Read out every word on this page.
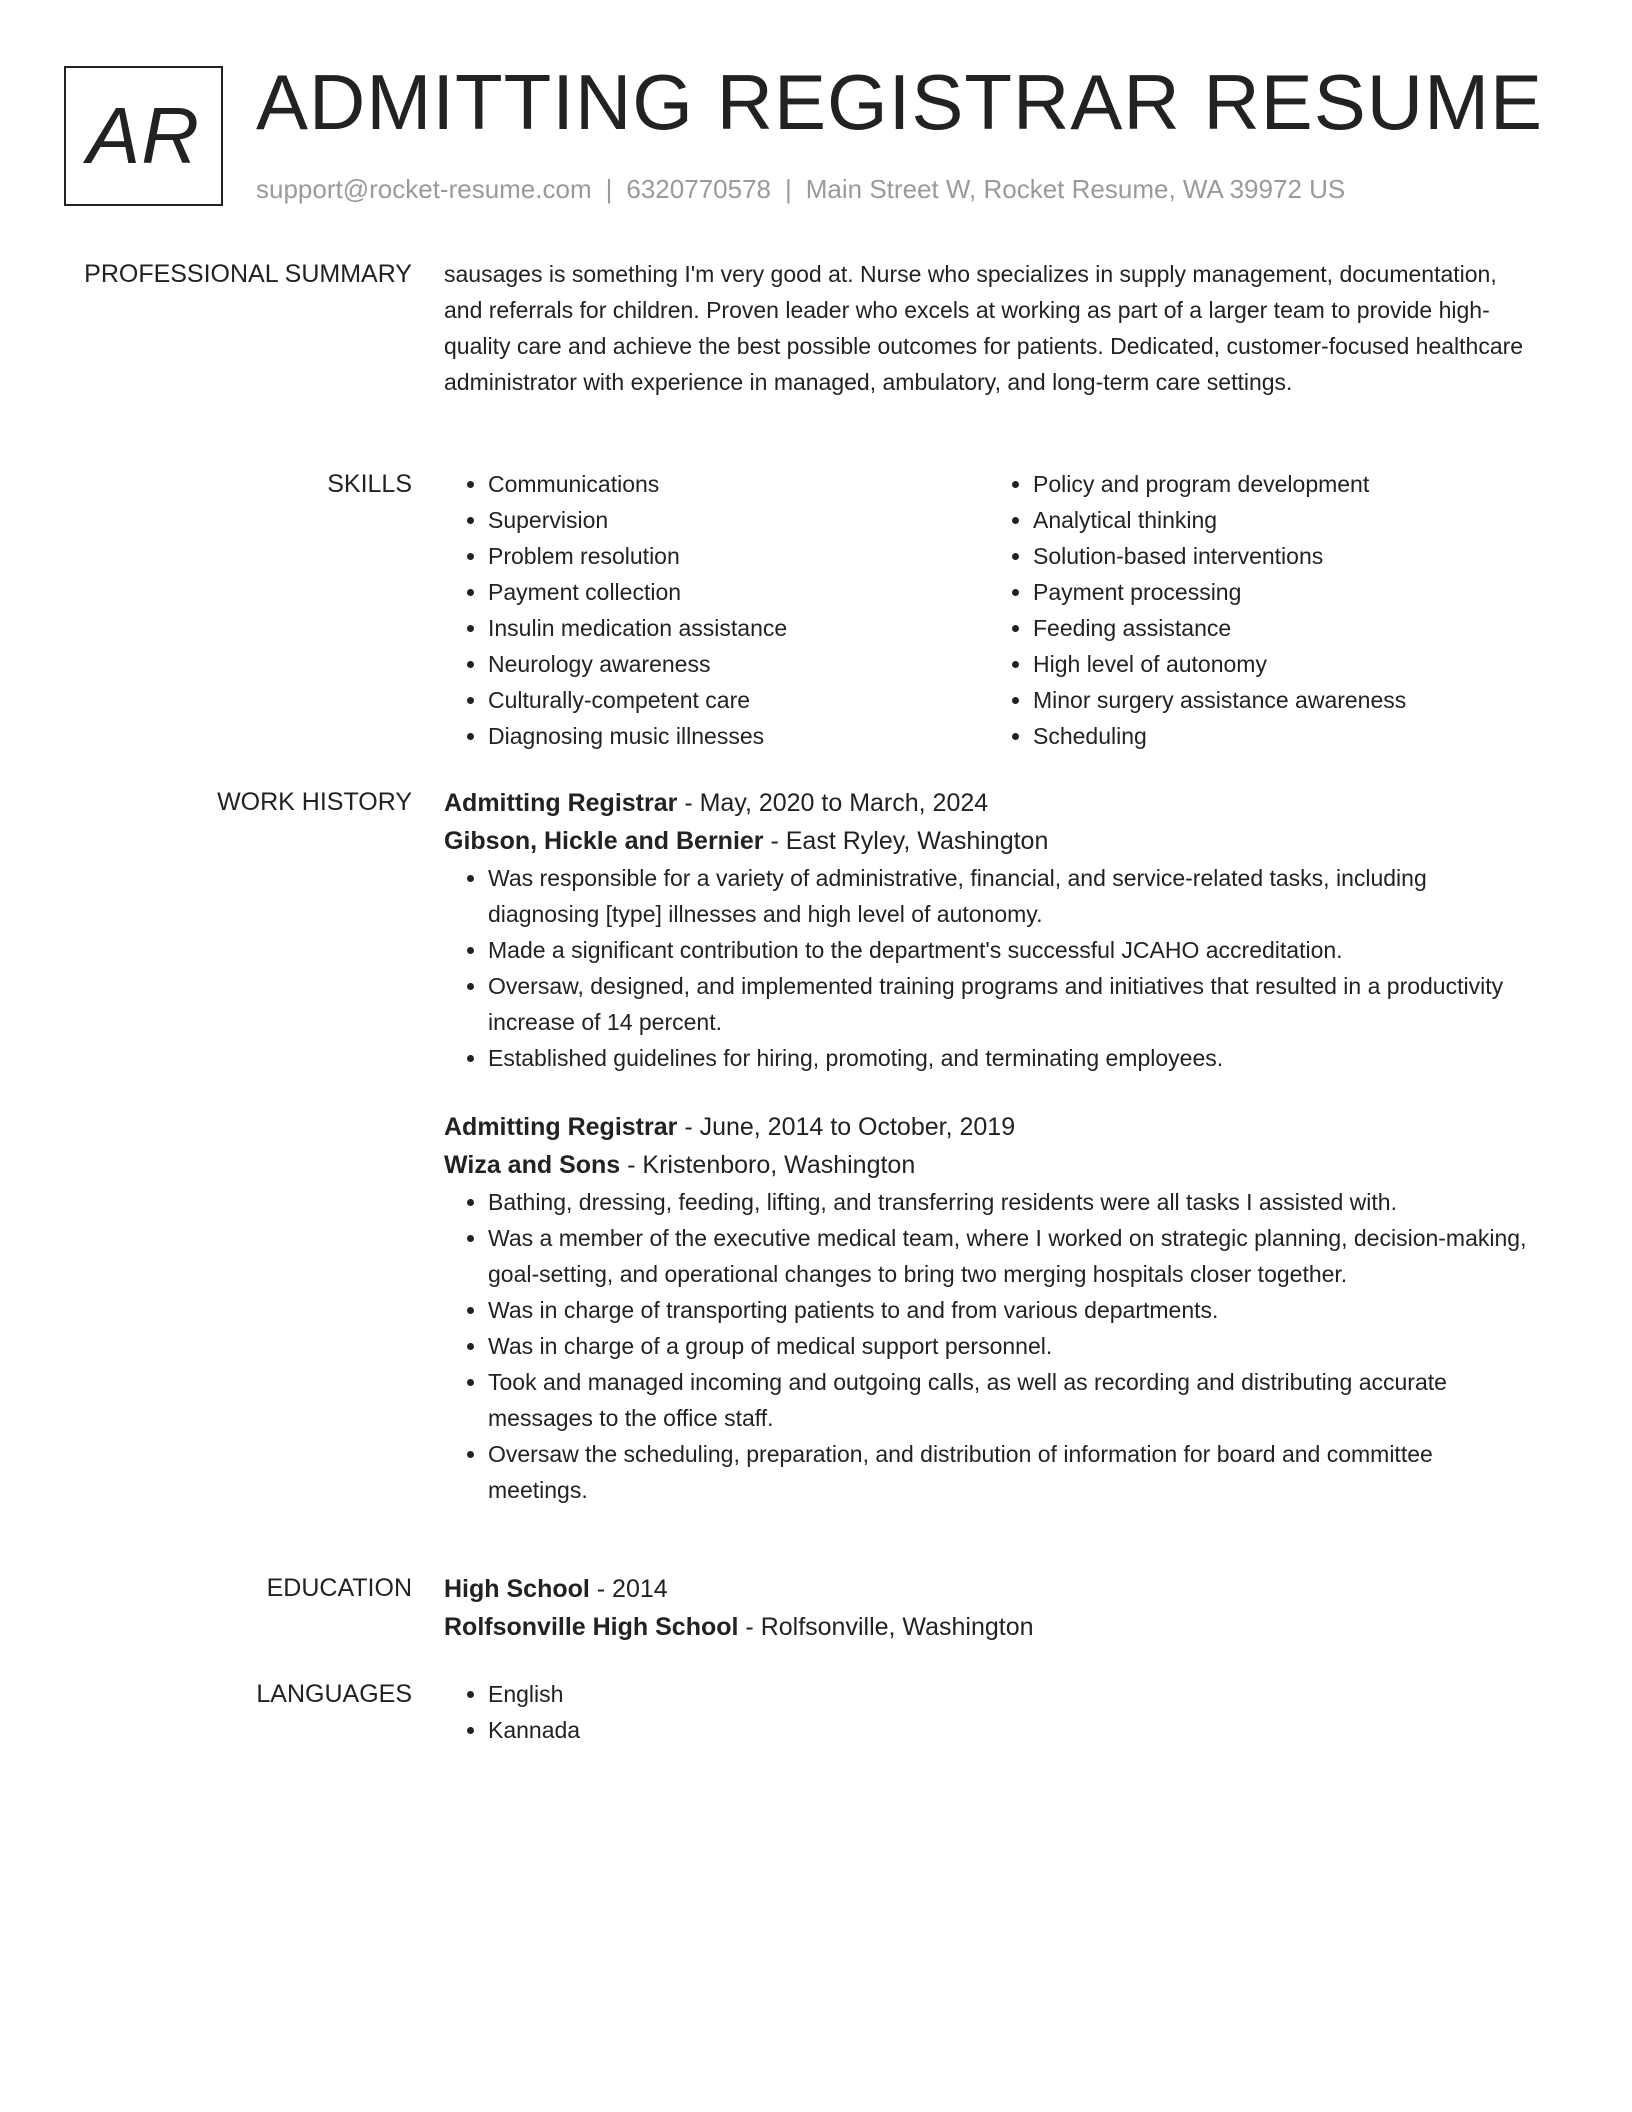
AR ADMITTING REGISTRAR RESUME
support@rocket-resume.com | 6320770578 | Main Street W, Rocket Resume, WA 39972 US
PROFESSIONAL SUMMARY sausages is something I'm very good at. Nurse who specializes in supply management, documentation, and referrals for children. Proven leader who excels at working as part of a larger team to provide high-quality care and achieve the best possible outcomes for patients. Dedicated, customer-focused healthcare administrator with experience in managed, ambulatory, and long-term care settings.

SKILLS	• Communications
• Supervision
• Problem resolution
• Payment collection
• Insulin medication assistance
• Neurology awareness
• Culturally-competent care
• Diagnosing music illnesses
• Policy and program development
• Analytical thinking
• Solution-based interventions
• Payment processing
• Feeding assistance
• High level of autonomy
• Minor surgery assistance awareness
• Scheduling
WORK HISTORY Admitting Registrar - May, 2020 to March, 2024
Gibson, Hickle and Bernier - East Ryley, Washington
• Was responsible for a variety of administrative, financial, and service-related tasks, including diagnosing [type] illnesses and high level of autonomy.
• Made a significant contribution to the department's successful JCAHO accreditation.
• Oversaw, designed, and implemented training programs and initiatives that resulted in a productivity increase of 14 percent.
• Established guidelines for hiring, promoting, and terminating employees.
Admitting Registrar - June, 2014 to October, 2019
Wiza and Sons - Kristenboro, Washington
• Bathing, dressing, feeding, lifting, and transferring residents were all tasks I assisted with.
• Was a member of the executive medical team, where I worked on strategic planning, decision-making, goal-setting, and operational changes to bring two merging hospitals closer together.
• Was in charge of transporting patients to and from various departments.
• Was in charge of a group of medical support personnel.
• Took and managed incoming and outgoing calls, as well as recording and distributing accurate messages to the office staff.
• Oversaw the scheduling, preparation, and distribution of information for board and committee meetings.
EDUCATION High School - 2014
Rolfsonville High School - Rolfsonville, Washington
LANGUAGES	• English
• Kannada
